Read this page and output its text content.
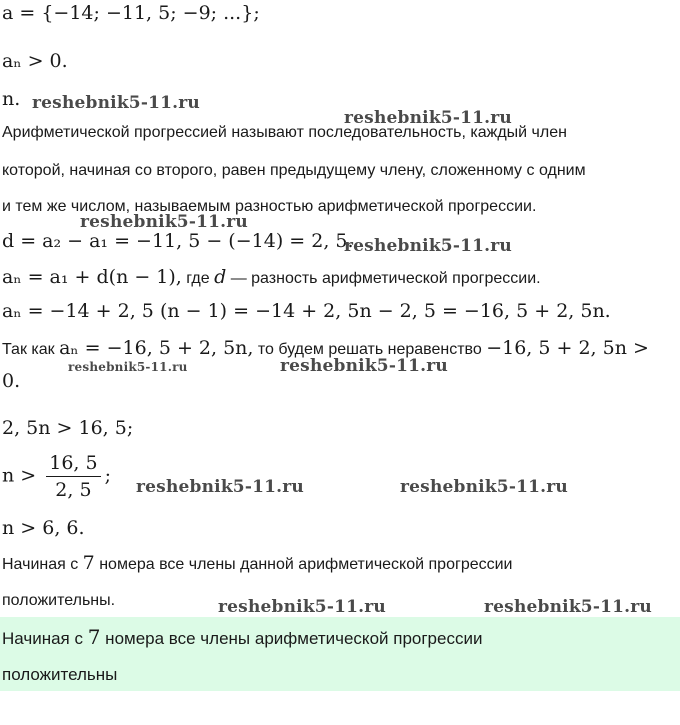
a = {−14; −11, 5; −9; ...};
aₙ > 0.
n.
Арифметической прогрессией называют последовательность, каждый член
которой, начиная со второго, равен предыдущему члену, сложенному с одним
и тем же числом, называемым разностью арифметической прогрессии.
d = a₂ − a₁ = −11, 5 − (−14) = 2, 5.
aₙ = a₁ + d(n − 1), где d — разность арифметической прогрессии.
aₙ = −14 + 2, 5 (n − 1) = −14 + 2, 5n − 2, 5 = −16, 5 + 2, 5n.
Так как aₙ = −16, 5 + 2, 5n, то будем решать неравенство −16, 5 + 2, 5n >
0.
2, 5n > 16, 5;
$n > \frac{16, 5}{2, 5}$ ;
n > 6, 6.
Начиная с 7 номера все члены данной арифметической прогрессии
положительны.
Начиная с 7 номера все члены арифметической прогрессии
положительны
reshebnik5-11.ru
reshebnik5-11.ru
reshebnik5-11.ru
reshebnik5-11.ru
reshebnik5-11.ru	reshebnik5-11.ru
reshebnik5-11.ru	reshebnik5-11.ru
reshebnik5-11.ru	reshebnik5-11.ru
